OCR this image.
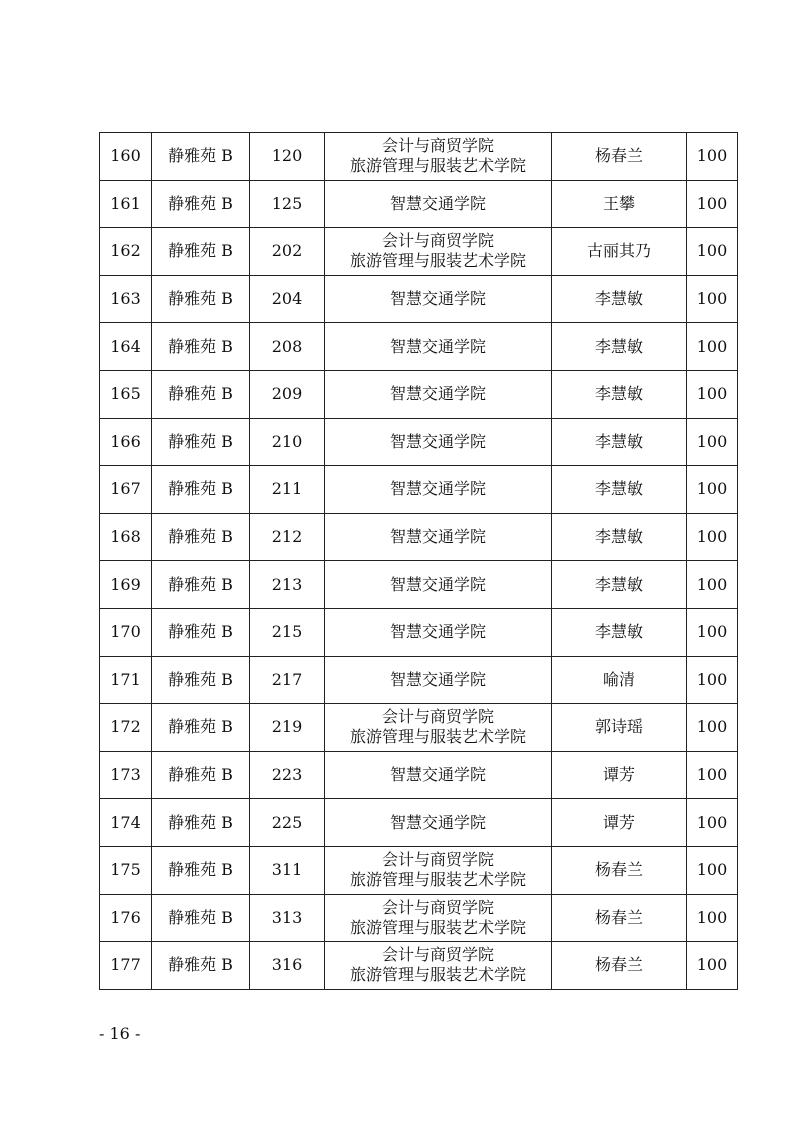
160	静雅苑 B	120	会计与商贸学院
旅游管理与服装艺术学院	杨春兰	100
161	静雅苑 B	125	智慧交通学院	王攀	100
162	静雅苑 B	202	会计与商贸学院
旅游管理与服装艺术学院	古丽其乃	100
163	静雅苑 B	204	智慧交通学院	李慧敏	100
164	静雅苑 B	208	智慧交通学院	李慧敏	100
165	静雅苑 B	209	智慧交通学院	李慧敏	100
166	静雅苑 B	210	智慧交通学院	李慧敏	100
167	静雅苑 B	211	智慧交通学院	李慧敏	100
168	静雅苑 B	212	智慧交通学院	李慧敏	100
169	静雅苑 B	213	智慧交通学院	李慧敏	100
170	静雅苑 B	215	智慧交通学院	李慧敏	100
171	静雅苑 B	217	智慧交通学院	喻清	100
172	静雅苑 B	219	会计与商贸学院
旅游管理与服装艺术学院	郭诗瑶	100
173	静雅苑 B	223	智慧交通学院	谭芳	100
174	静雅苑 B	225	智慧交通学院	谭芳	100
175	静雅苑 B	311	会计与商贸学院
旅游管理与服装艺术学院	杨春兰	100
176	静雅苑 B	313	会计与商贸学院
旅游管理与服装艺术学院	杨春兰	100
177	静雅苑 B	316	会计与商贸学院
旅游管理与服装艺术学院	杨春兰	100
- 16 -
